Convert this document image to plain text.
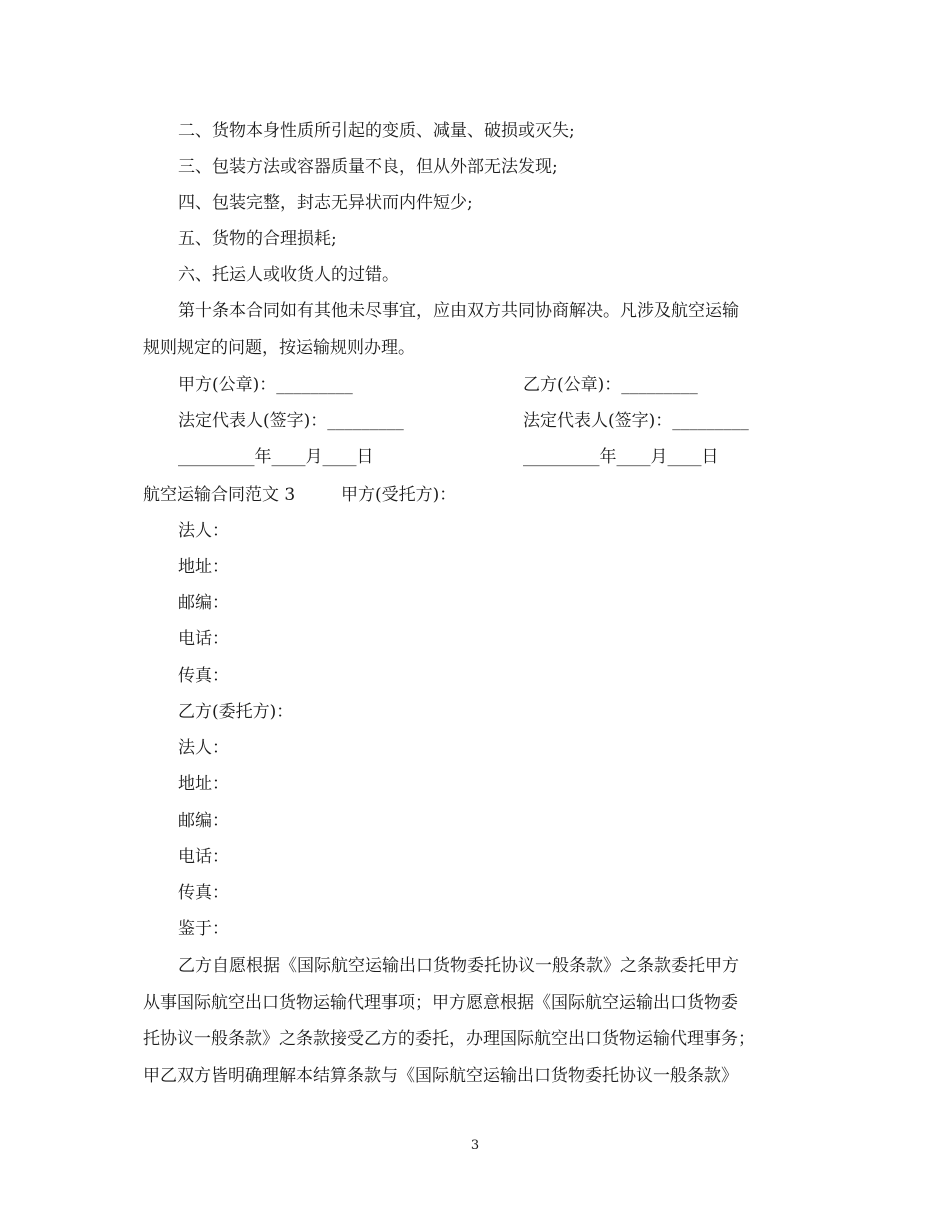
二、货物本身性质所引起的变质、减量、破损或灭失;
三、包装方法或容器质量不良，但从外部无法发现;
四、包装完整，封志无异状而内件短少;
五、货物的合理损耗;
六、托运人或收货人的过错。
第十条本合同如有其他未尽事宜，应由双方共同协商解决。凡涉及航空运输
规则规定的问题，按运输规则办理。
甲方(公章)：_________	乙方(公章)：_________
法定代表人(签字)：_________	法定代表人(签字)：_________
_________年____月____日	_________年____月____日
航空运输合同范文 3	甲方(受托方)：
法人：
地址：
邮编：
电话：
传真：
乙方(委托方)：
法人：
地址：
邮编：
电话：
传真：
鉴于：
乙方自愿根据《国际航空运输出口货物委托协议一般条款》之条款委托甲方
从事国际航空出口货物运输代理事项；甲方愿意根据《国际航空运输出口货物委
托协议一般条款》之条款接受乙方的委托，办理国际航空出口货物运输代理事务；
甲乙双方皆明确理解本结算条款与《国际航空运输出口货物委托协议一般条款》
3
